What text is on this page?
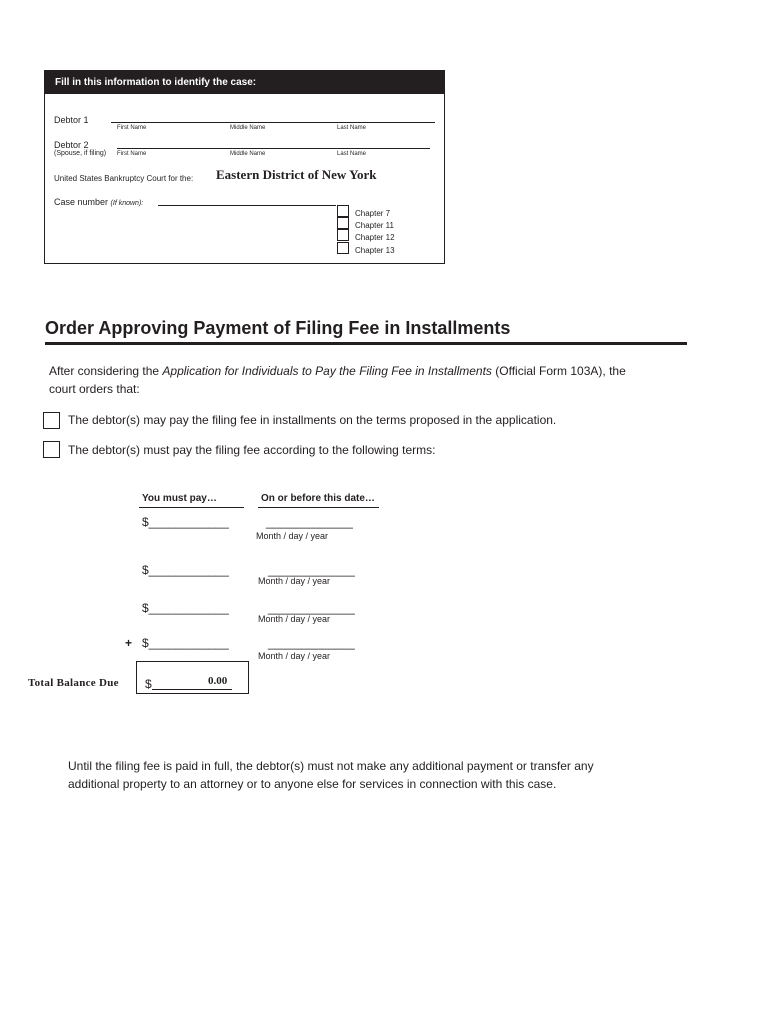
Fill in this information to identify the case:
Debtor 1
First Name	Middle Name	Last Name
Debtor 2
(Spouse, if filing) First Name	Middle Name	Last Name
United States Bankruptcy Court for the: Eastern District of New York
Case number (If known):
Chapter 7
Chapter 11
Chapter 12
Chapter 13
Order Approving Payment of Filing Fee in Installments
After considering the Application for Individuals to Pay the Filing Fee in Installments (Official Form 103A), the
court orders that:
The debtor(s) may pay the filing fee in installments on the terms proposed in the application.
The debtor(s) must pay the filing fee according to the following terms:
You must pay…	On or before this date…
$____________	_____________
Month / day / year
$____________	_____________
Month / day / year
$____________	_____________
Month / day / year
+ $____________	_____________
Month / day / year
Total Balance Due $	0.00
Until the filing fee is paid in full, the debtor(s) must not make any additional payment or transfer any
additional property to an attorney or to anyone else for services in connection with this case.
